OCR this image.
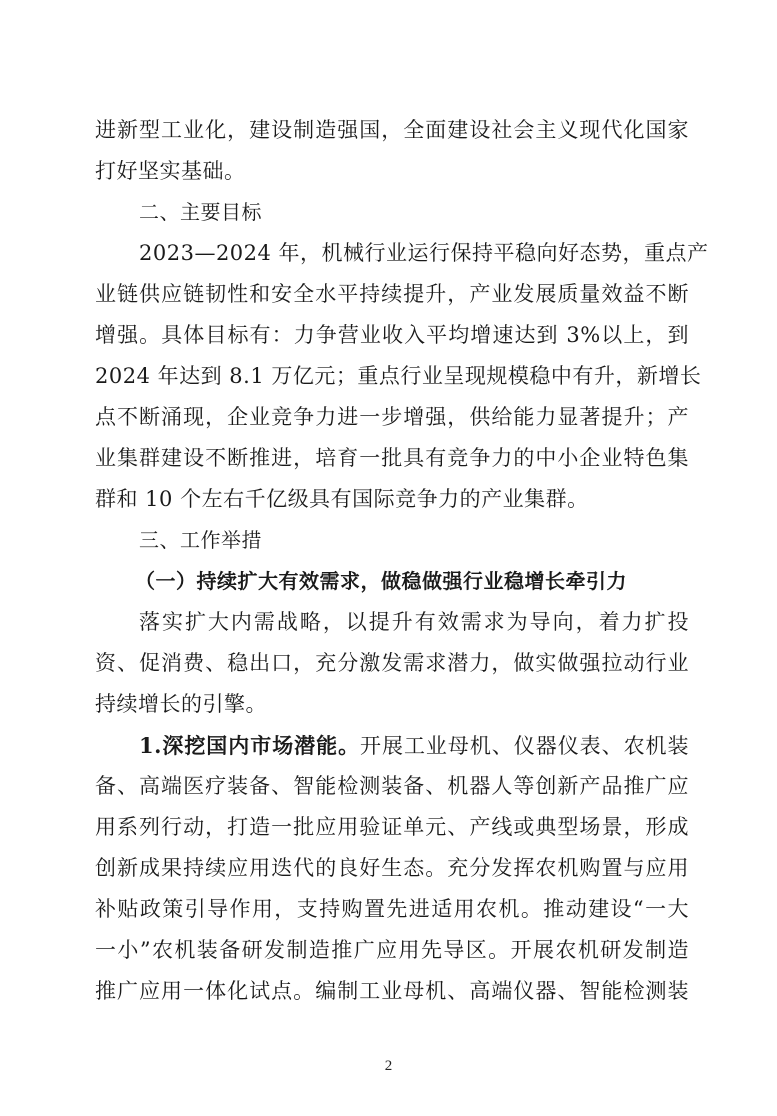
进新型工业化，建设制造强国，全面建设社会主义现代化国家
打好坚实基础。
二、主要目标
2023—2024 年，机械行业运行保持平稳向好态势，重点产
业链供应链韧性和安全水平持续提升，产业发展质量效益不断
增强。具体目标有：力争营业收入平均增速达到 3%以上，到
2024 年达到 8.1 万亿元；重点行业呈现规模稳中有升，新增长
点不断涌现，企业竞争力进一步增强，供给能力显著提升；产
业集群建设不断推进，培育一批具有竞争力的中小企业特色集
群和 10 个左右千亿级具有国际竞争力的产业集群。
三、工作举措
（一）持续扩大有效需求，做稳做强行业稳增长牵引力
落实扩大内需战略，以提升有效需求为导向，着力扩投
资、促消费、稳出口，充分激发需求潜力，做实做强拉动行业
持续增长的引擎。
1.深挖国内市场潜能。开展工业母机、仪器仪表、农机装
备、高端医疗装备、智能检测装备、机器人等创新产品推广应
用系列行动，打造一批应用验证单元、产线或典型场景，形成
创新成果持续应用迭代的良好生态。充分发挥农机购置与应用
补贴政策引导作用，支持购置先进适用农机。推动建设“一大
一小”农机装备研发制造推广应用先导区。开展农机研发制造
推广应用一体化试点。编制工业母机、高端仪器、智能检测装
2
